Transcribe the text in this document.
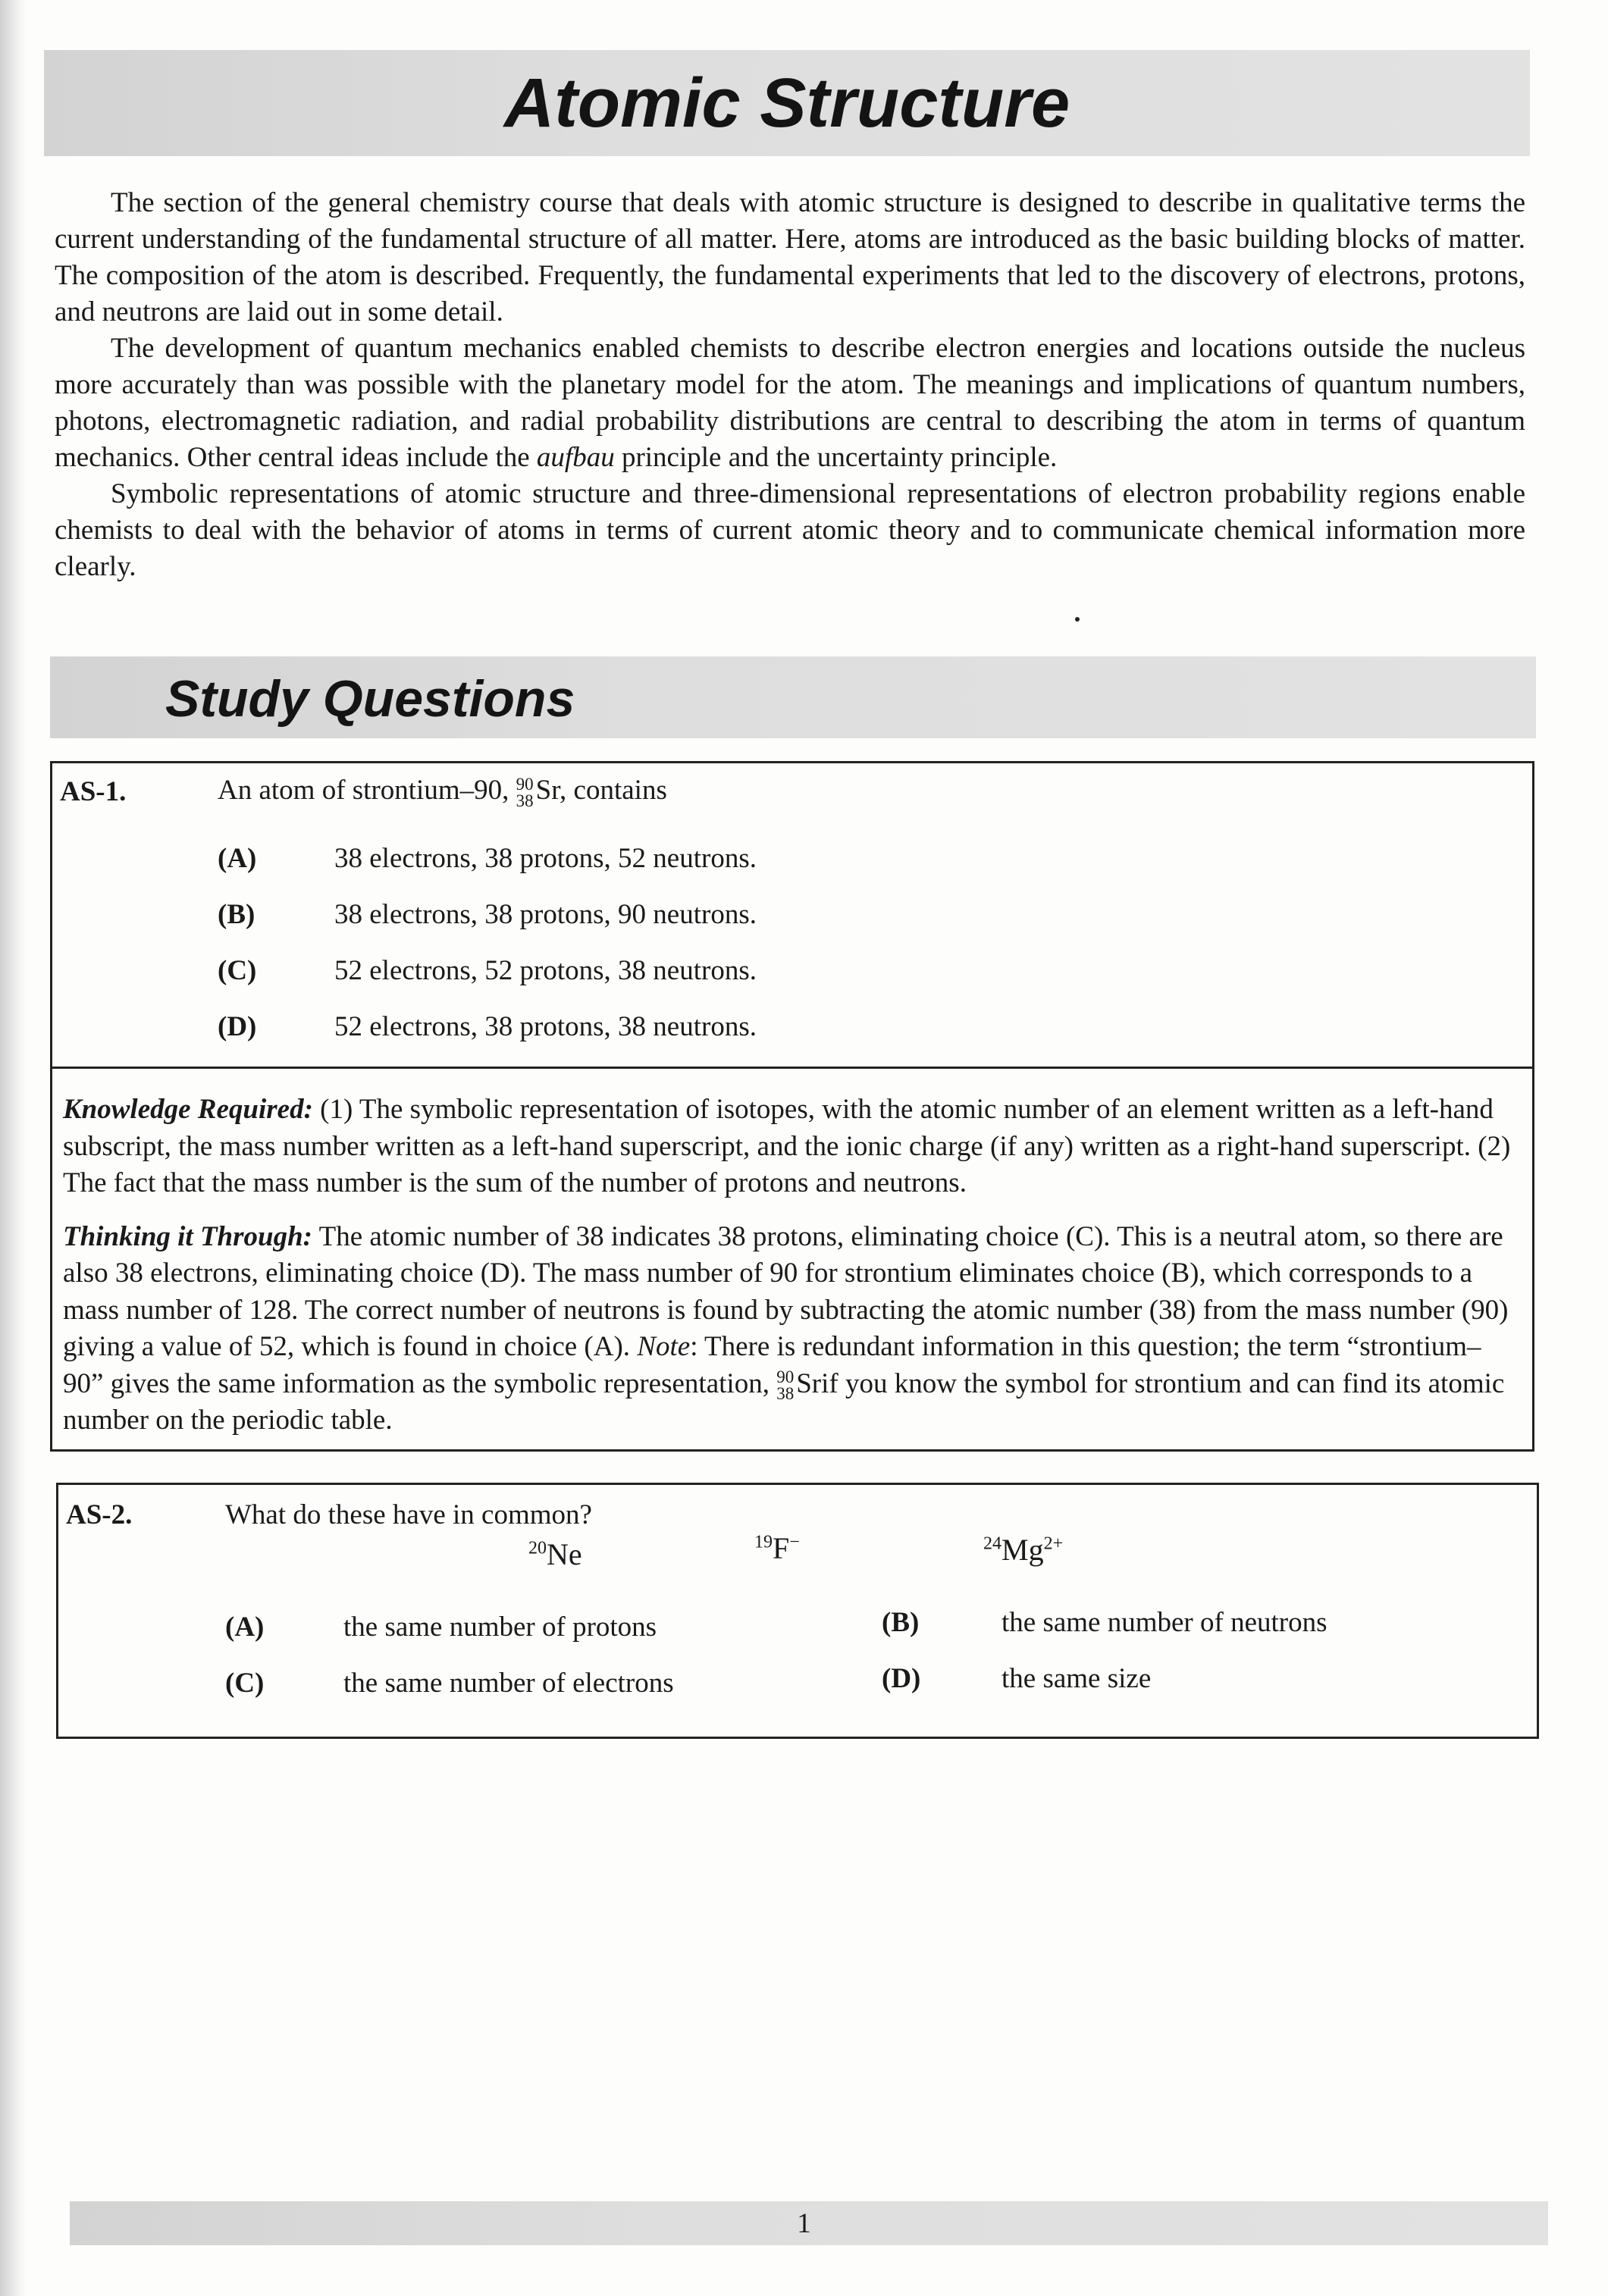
Atomic Structure

The section of the general chemistry course that deals with atomic structure is designed to describe in qualitative terms the current understanding of the fundamental structure of all matter. Here, atoms are introduced as the basic building blocks of matter. The composition of the atom is described. Frequently, the fundamental experiments that led to the discovery of electrons, protons, and neutrons are laid out in some detail.

The development of quantum mechanics enabled chemists to describe electron energies and locations outside the nucleus more accurately than was possible with the planetary model for the atom. The meanings and implications of quantum numbers, photons, electromagnetic radiation, and radial probability distributions are central to describing the atom in terms of quantum mechanics. Other central ideas include the aufbau principle and the uncertainty principle.

Symbolic representations of atomic structure and three-dimensional representations of electron probability regions enable chemists to deal with the behavior of atoms in terms of current atomic theory and to communicate chemical information more clearly.

Study Questions
AS-1.	An atom of strontium–90, 90
38 Sr, contains
(A)	38 electrons, 38 protons, 52 neutrons.
(B)	38 electrons, 38 protons, 90 neutrons.
(C)	52 electrons, 52 protons, 38 neutrons.
(D)	52 electrons, 38 protons, 38 neutrons.

Knowledge Required: (1) The symbolic representation of isotopes, with the atomic number of an element written as a left-hand subscript, the mass number written as a left-hand superscript, and the ionic charge (if any) written as a right-hand superscript. (2) The fact that the mass number is the sum of the number of protons and neutrons.

Thinking it Through: The atomic number of 38 indicates 38 protons, eliminating choice (C). This is a neutral atom, so there are also 38 electrons, eliminating choice (D). The mass number of 90 for strontium eliminates choice (B), which corresponds to a mass number of 128. The correct number of neutrons is found by subtracting the atomic number (38) from the mass number (90) giving a value of 52, which is found in choice (A). Note: There is redundant information in this question; the term “strontium–90” gives the same information as the symbolic representation, 90
38 Srif you know the symbol for strontium and can find its atomic number on the periodic table.

AS-2.	What do these have in common?
$^{20}$Ne	$^{19}$F−	$^{24}Mg^{2+}$
(A)	the same number of protons	(B)	the same number of neutrons
(C)	the same number of electrons	(D)	the same size
1
